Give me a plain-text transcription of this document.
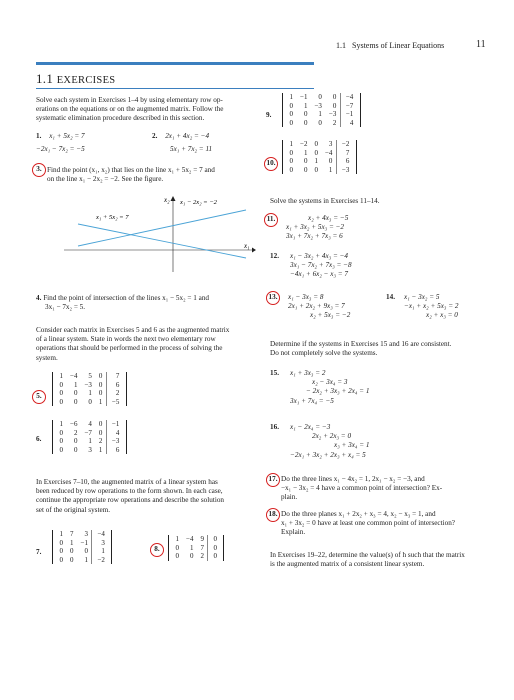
1.1 Systems of Linear Equations	11
1.1 EXERCISES
Solve each system in Exercises 1–4 by using elementary row op-
erations on the equations or on the augmented matrix. Follow the
systematic elimination procedure described in this section.
1. x₁ + 5x₂ = 7
−2x₁ − 7x₂ = −5
2. 2x₁ + 4x₂ = −4
5x₁ + 7x₂ = 11
3. Find the point (x₁, x₂) that lies on the line x₁ + 5x₂ = 7 and
on the line x₁ − 2x₂ = −2. See the figure.
x₂
x₁
x₁ + 5x₂ = 7
x₁ − 2x₂ = −2
4. Find the point of intersection of the lines x₁ − 5x₂ = 1 and
3x₁ − 7x₂ = 5.
Consider each matrix in Exercises 5 and 6 as the augmented matrix
of a linear system. State in words the next two elementary row
operations that should be performed in the process of solving the
system.
5.
1	−4	5	0	7
0	1	−3	0	6
0	0	1	0	2
0	0	0	1	−5
6.
1	−6	4	0	−1
0	2	−7	0	4
0	0	1	2	−3
0	0	3	1	6
In Exercises 7–10, the augmented matrix of a linear system has
been reduced by row operations to the form shown. In each case,
continue the appropriate row operations and describe the solution
set of the original system.
7.
1	7	3	−4
0	1	−1	3
0	0	0	1
0	0	1	−2
8.
1	−4	9	0
0	1	7	0
0	0	2	0
9.
1	−1	0	0	−4
0	1	−3	0	−7
0	0	1	−3	−1
0	0	0	2	4
10.
1	−2	0	3	−2
0	1	0	−4	7
0	0	1	0	6
0	0	0	1	−3
Solve the systems in Exercises 11–14.
11.	x₂ + 4x₃ = −5
x₁ + 3x₂ + 5x₃ = −2
3x₁ + 7x₂ + 7x₃ = 6
12. x₁ − 3x₂ + 4x₃ = −4
3x₁ − 7x₂ + 7x₃ = −8
−4x₁ + 6x₂ − x₃ = 7
13.	x₁ − 3x₃ = 8
2x₁ + 2x₂ + 9x₃ = 7
x₂ + 5x₃ = −2
14. x₁ − 3x₂ = 5
−x₁ + x₂ + 5x₃ = 2
x₂ + x₃ = 0
Determine if the systems in Exercises 15 and 16 are consistent.
Do not completely solve the systems.
15. x₁ + 3x₃ = 2
x₂ − 3x₄ = 3
− 2x₂ + 3x₃ + 2x₄ = 1
3x₁ + 7x₄ = −5
16. x₁ − 2x₄ = −3
2x₂ + 2x₃ = 0
x₃ + 3x₄ = 1
−2x₁ + 3x₂ + 2x₃ + x₄ = 5
17. Do the three lines x₁ − 4x₂ = 1, 2x₁ − x₂ = −3, and
−x₁ − 3x₂ = 4 have a common point of intersection? Ex-
plain.
18. Do the three planes x₁ + 2x₂ + x₃ = 4, x₂ − x₃ = 1, and
x₁ + 3x₂ = 0 have at least one common point of intersection?
Explain.
In Exercises 19–22, determine the value(s) of h such that the matrix
is the augmented matrix of a consistent linear system.
